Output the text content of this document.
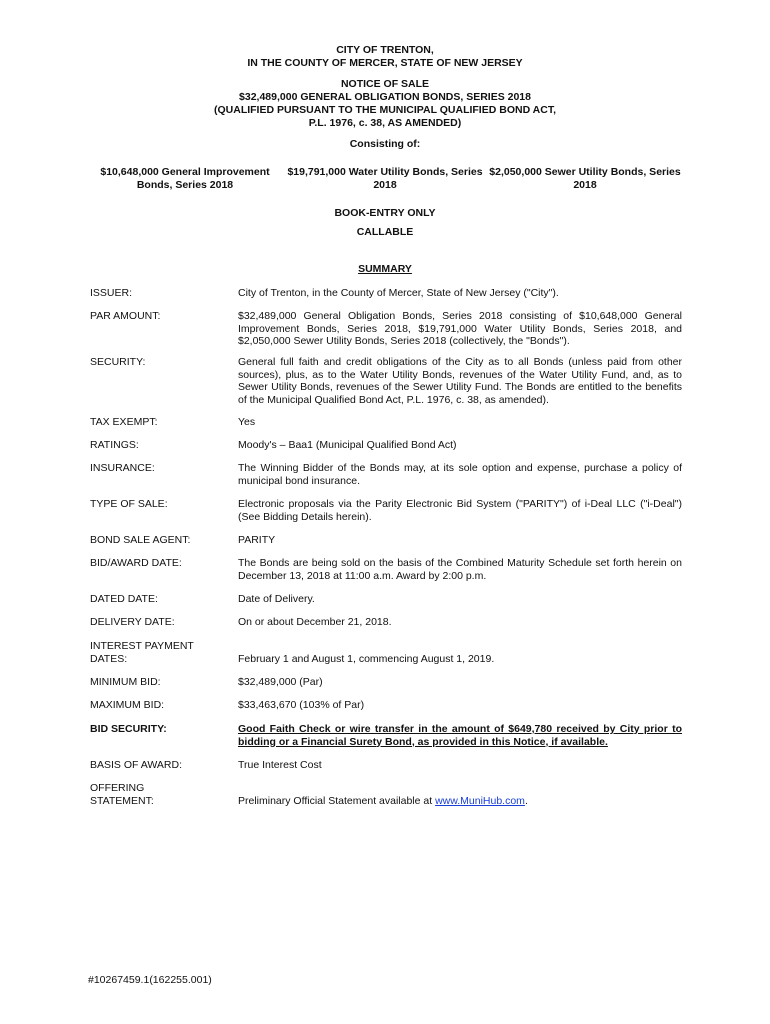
CITY OF TRENTON,
IN THE COUNTY OF MERCER, STATE OF NEW JERSEY
NOTICE OF SALE
$32,489,000 GENERAL OBLIGATION BONDS, SERIES 2018
(QUALIFIED PURSUANT TO THE MUNICIPAL QUALIFIED BOND ACT,
P.L. 1976, c. 38, AS AMENDED)
Consisting of:
$10,648,000 General Improvement Bonds, Series 2018
$19,791,000 Water Utility Bonds, Series 2018
$2,050,000 Sewer Utility Bonds, Series 2018
BOOK-ENTRY ONLY
CALLABLE
SUMMARY
ISSUER:	City of Trenton, in the County of Mercer, State of New Jersey ("City").
PAR AMOUNT:	$32,489,000 General Obligation Bonds, Series 2018 consisting of $10,648,000 General Improvement Bonds, Series 2018, $19,791,000 Water Utility Bonds, Series 2018, and $2,050,000 Sewer Utility Bonds, Series 2018 (collectively, the "Bonds").
SECURITY:	General full faith and credit obligations of the City as to all Bonds (unless paid from other sources), plus, as to the Water Utility Bonds, revenues of the Water Utility Fund, and, as to Sewer Utility Bonds, revenues of the Sewer Utility Fund. The Bonds are entitled to the benefits of the Municipal Qualified Bond Act, P.L. 1976, c. 38, as amended).
TAX EXEMPT:	Yes
RATINGS:	Moody's – Baa1 (Municipal Qualified Bond Act)
INSURANCE:	The Winning Bidder of the Bonds may, at its sole option and expense, purchase a policy of municipal bond insurance.
TYPE OF SALE:	Electronic proposals via the Parity Electronic Bid System ("PARITY") of i-Deal LLC ("i-Deal") (See Bidding Details herein).
BOND SALE AGENT:	PARITY
BID/AWARD DATE:	The Bonds are being sold on the basis of the Combined Maturity Schedule set forth herein on December 13, 2018 at 11:00 a.m. Award by 2:00 p.m.
DATED DATE:	Date of Delivery.
DELIVERY DATE:	On or about December 21, 2018.
INTEREST PAYMENT
DATES:	February 1 and August 1, commencing August 1, 2019.
MINIMUM BID:	$32,489,000 (Par)
MAXIMUM BID:	$33,463,670 (103% of Par)
BID SECURITY:	Good Faith Check or wire transfer in the amount of $649,780 received by City prior to bidding or a Financial Surety Bond, as provided in this Notice, if available.
BASIS OF AWARD:	True Interest Cost
OFFERING
STATEMENT:	Preliminary Official Statement available at www.MuniHub.com.
#10267459.1(162255.001)
